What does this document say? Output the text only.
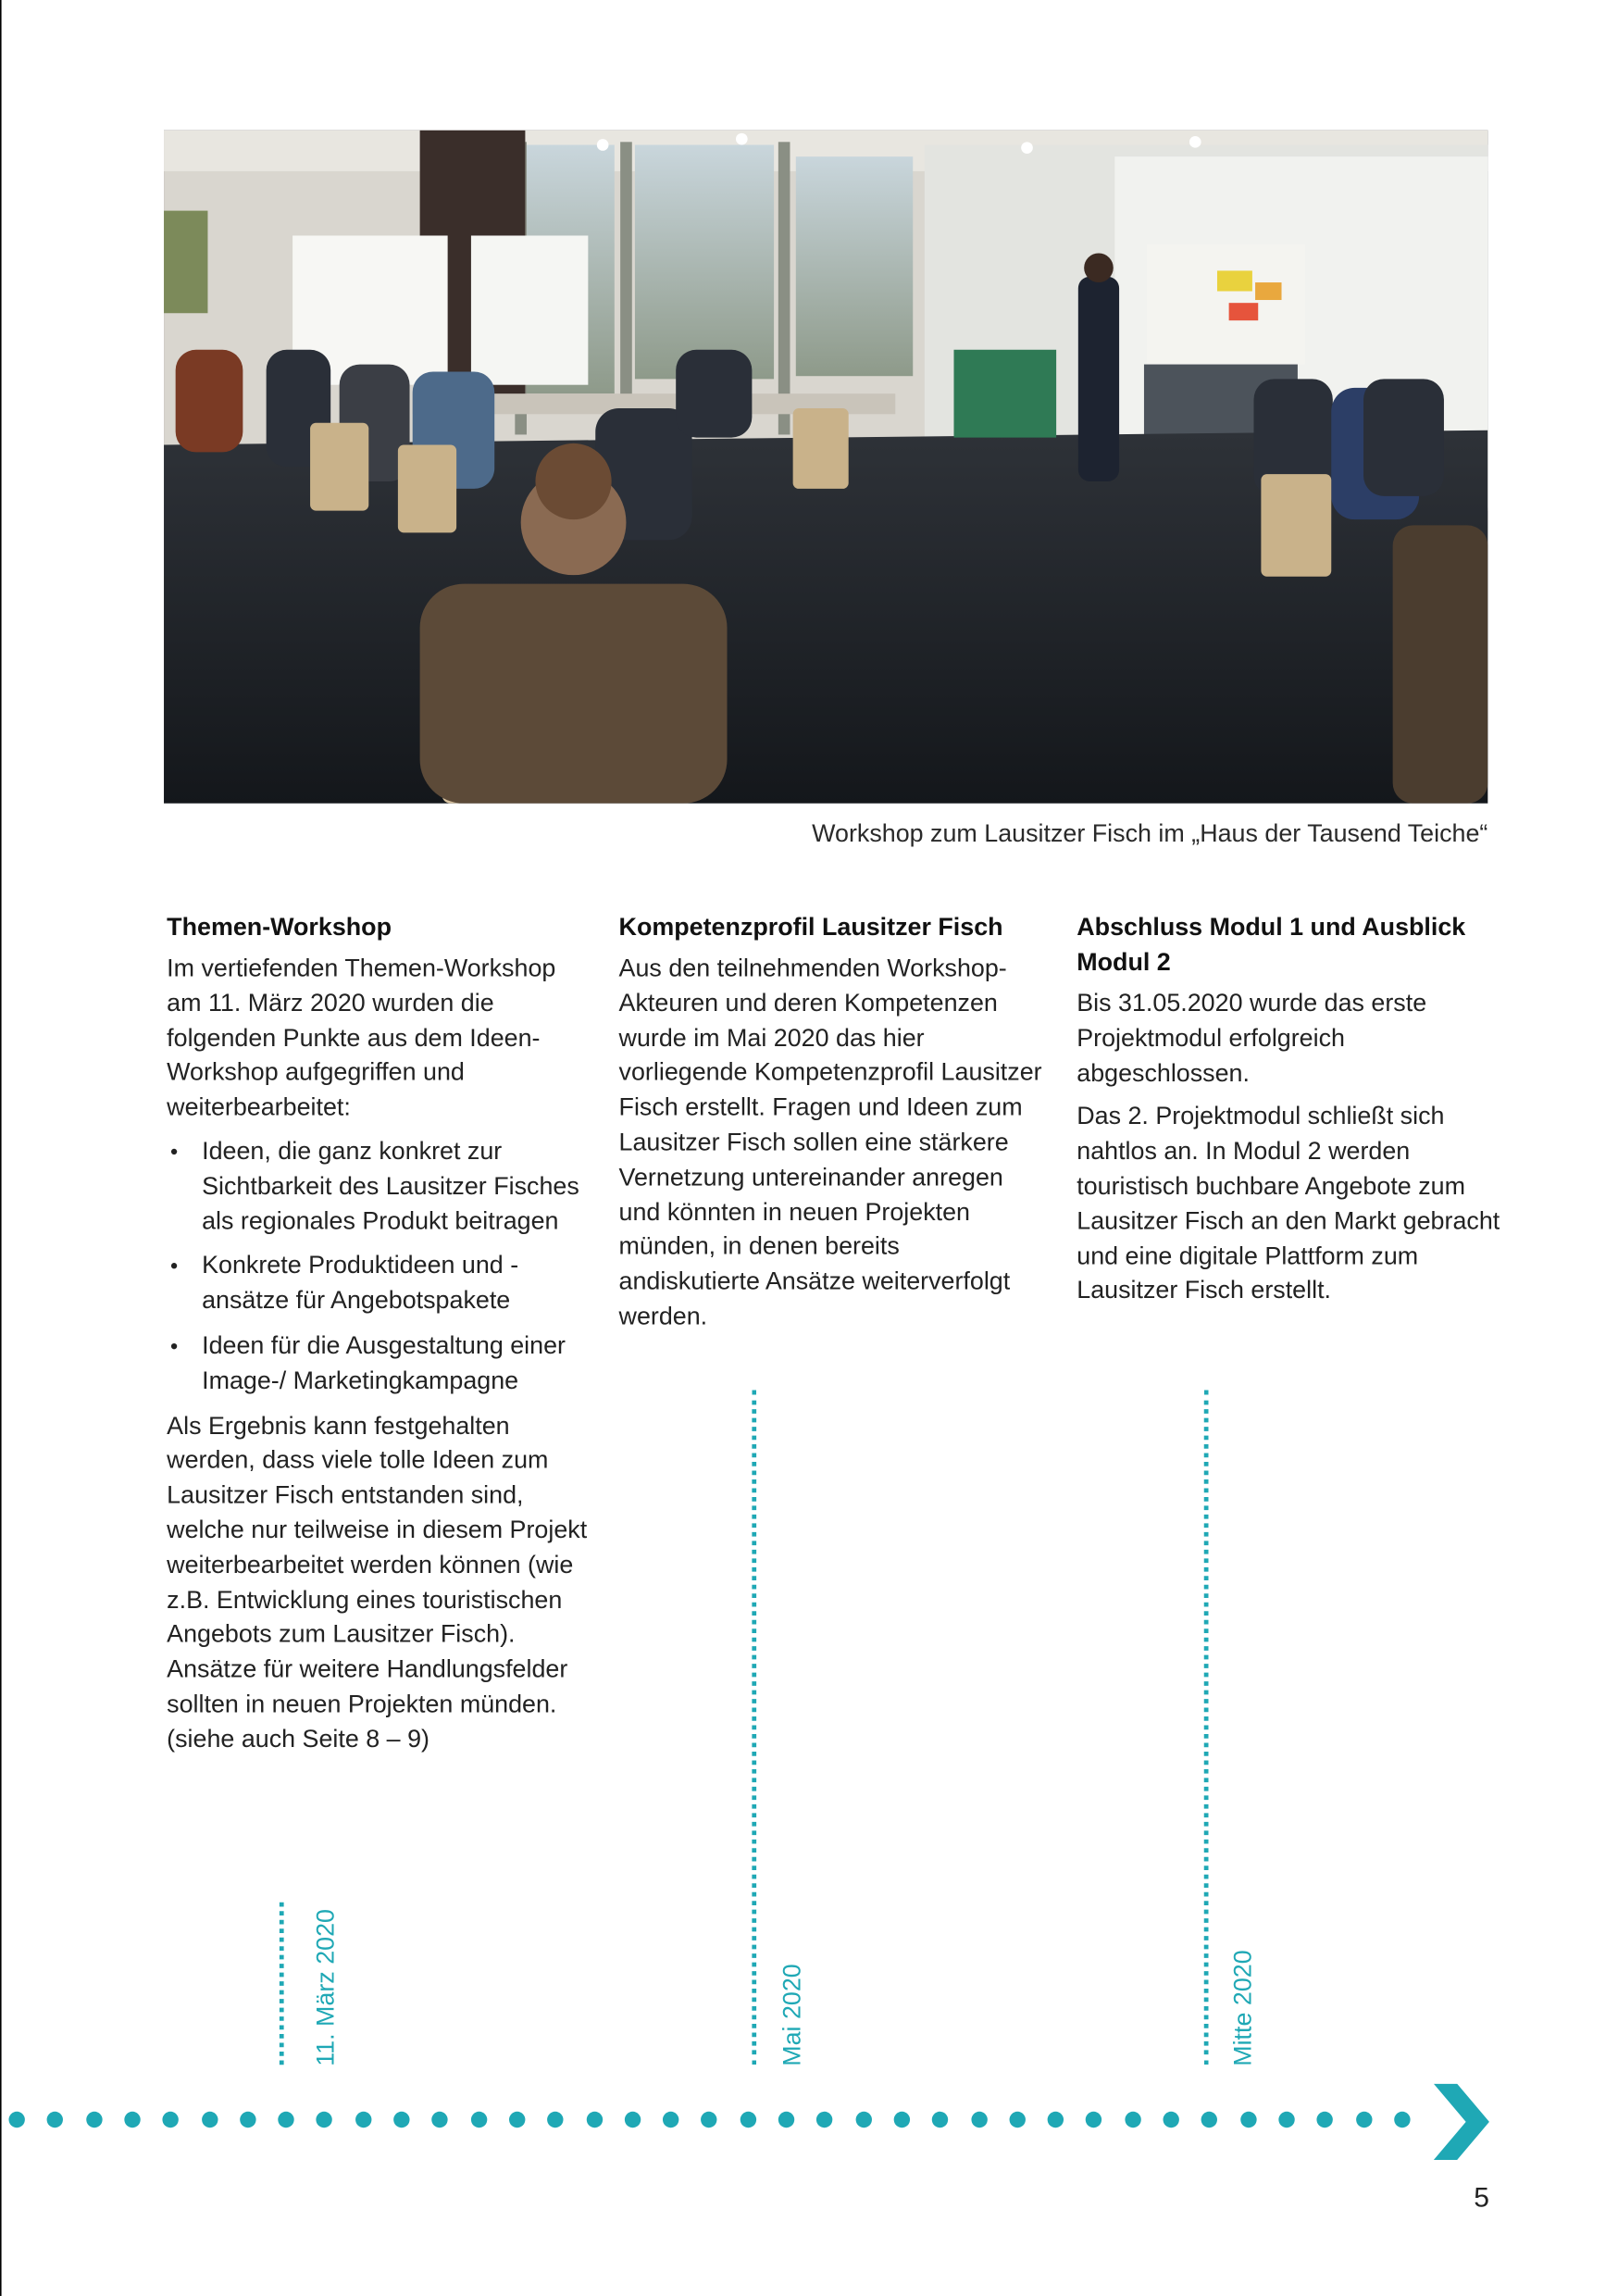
Workshop zum Lausitzer Fisch im „Haus der Tausend Teiche“
Themen-Workshop

Im vertiefenden Themen-Workshop am 11. März 2020 wurden die folgenden Punkte aus dem Ideen-Workshop aufgegriffen und weiterbearbeitet:

Ideen, die ganz konkret zur Sichtbarkeit des Lausitzer Fisches als regionales Produkt beitragen
Konkrete Produktideen und -ansätze für Angebotspakete
Ideen für die Ausgestaltung einer Image-/ Marketingkampagne

Als Ergebnis kann festgehalten werden, dass viele tolle Ideen zum Lausitzer Fisch entstanden sind, welche nur teilweise in diesem Projekt weiterbearbeitet werden können (wie z.B. Entwicklung eines touristischen Angebots zum Lausitzer Fisch). Ansätze für weitere Handlungsfelder sollten in neuen Projekten münden. (siehe auch Seite 8 – 9)

Kompetenzprofil Lausitzer Fisch

Aus den teilnehmenden Workshop-Akteuren und deren Kompetenzen wurde im Mai 2020 das hier vorliegende Kompetenzprofil Lausitzer Fisch erstellt. Fragen und Ideen zum Lausitzer Fisch sollen eine stärkere Vernetzung untereinander anregen und könnten in neuen Projekten münden, in denen bereits andiskutierte Ansätze weiterverfolgt werden.

Abschluss Modul 1 und Ausblick Modul 2

Bis 31.05.2020 wurde das erste Projektmodul erfolgreich abgeschlossen.

Das 2. Projektmodul schließt sich nahtlos an. In Modul 2 werden touristisch buchbare Angebote zum Lausitzer Fisch an den Markt gebracht und eine digitale Plattform zum Lausitzer Fisch erstellt.

11. März 2020	Mai 2020	Mitte 2020
5
